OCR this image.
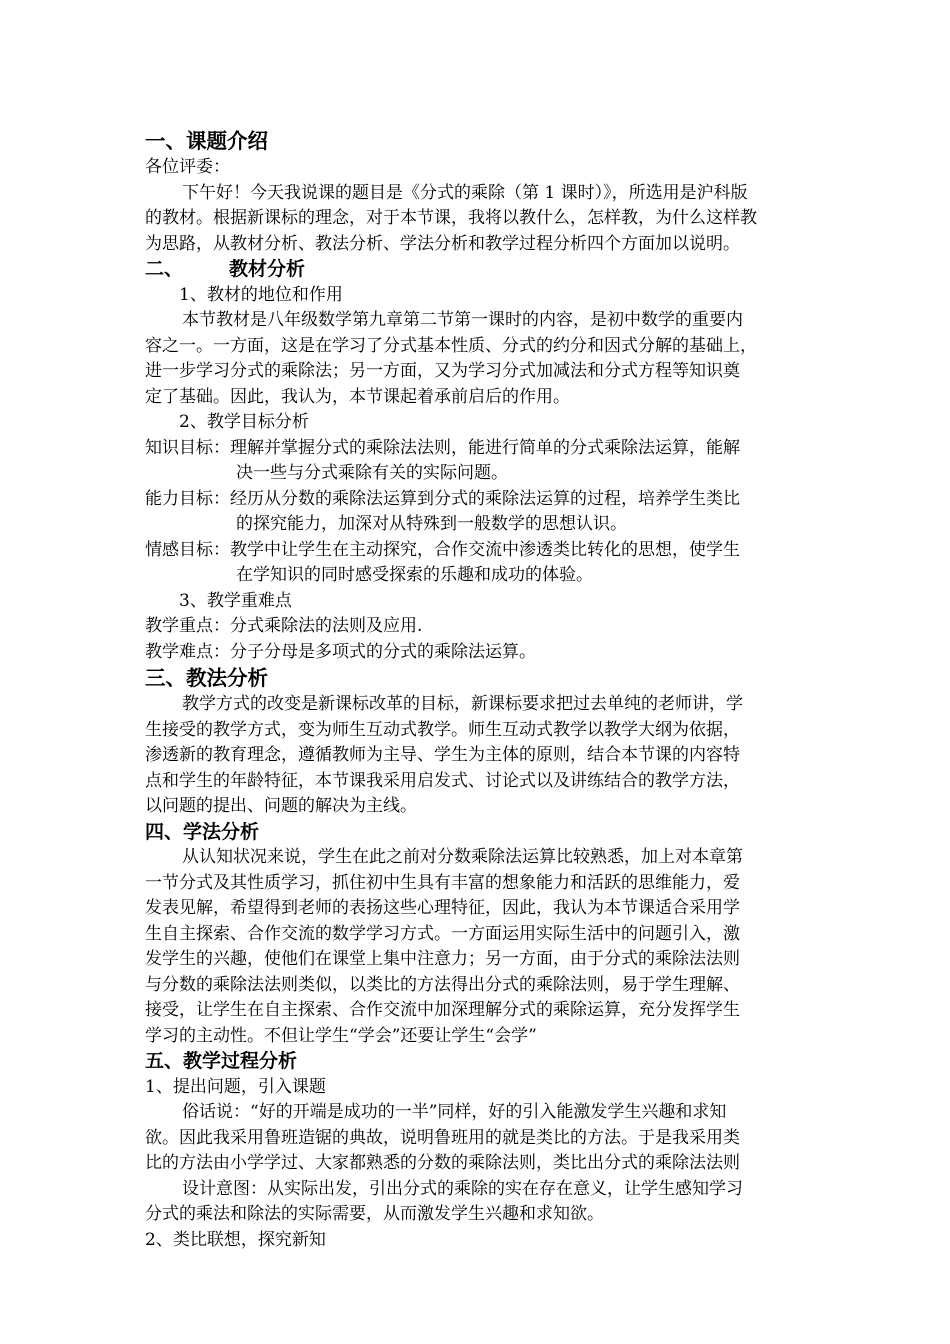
一、课题介绍
各位评委：
下午好！今天我说课的题目是《分式的乘除（第 1 课时）》，所选用是沪科版
的教材。根据新课标的理念，对于本节课，我将以教什么，怎样教，为什么这样教
为思路，从教材分析、教法分析、学法分析和教学过程分析四个方面加以说明。
二、 教材分析
1、教材的地位和作用
本节教材是八年级数学第九章第二节第一课时的内容，是初中数学的重要内
容之一。一方面，这是在学习了分式基本性质、分式的约分和因式分解的基础上，
进一步学习分式的乘除法；另一方面，又为学习分式加减法和分式方程等知识奠
定了基础。因此，我认为，本节课起着承前启后的作用。
2、教学目标分析
知识目标： 理解并掌握分式的乘除法法则，能进行简单的分式乘除法运算，能解
决一些与分式乘除有关的实际问题。
能力目标： 经历从分数的乘除法运算到分式的乘除法运算的过程，培养学生类比
的探究能力，加深对从特殊到一般数学的思想认识。
情感目标： 教学中让学生在主动探究，合作交流中渗透类比转化的思想，使学生
在学知识的同时感受探索的乐趣和成功的体验。
3、教学重难点
教学重点：分式乘除法的法则及应用.
教学难点：分子分母是多项式的分式的乘除法运算。
三、教法分析
教学方式的改变是新课标改革的目标，新课标要求把过去单纯的老师讲，学
生接受的教学方式，变为师生互动式教学。师生互动式教学以教学大纲为依据，
渗透新的教育理念，遵循教师为主导、学生为主体的原则，结合本节课的内容特
点和学生的年龄特征，本节课我采用启发式、讨论式以及讲练结合的教学方法，
以问题的提出、问题的解决为主线。
四、学法分析
从认知状况来说，学生在此之前对分数乘除法运算比较熟悉，加上对本章第
一节分式及其性质学习，抓住初中生具有丰富的想象能力和活跃的思维能力，爱
发表见解，希望得到老师的表扬这些心理特征，因此，我认为本节课适合采用学
生自主探索、合作交流的数学学习方式。一方面运用实际生活中的问题引入，激
发学生的兴趣，使他们在课堂上集中注意力；另一方面，由于分式的乘除法法则
与分数的乘除法法则类似，以类比的方法得出分式的乘除法则，易于学生理解、
接受，让学生在自主探索、合作交流中加深理解分式的乘除运算，充分发挥学生
学习的主动性。不但让学生“学会”还要让学生“会学”
五、教学过程分析
1、提出问题，引入课题
俗话说：“好的开端是成功的一半”同样，好的引入能激发学生兴趣和求知
欲。因此我采用鲁班造锯的典故，说明鲁班用的就是类比的方法。于是我采用类
比的方法由小学学过、大家都熟悉的分数的乘除法则，类比出分式的乘除法法则
设计意图：从实际出发，引出分式的乘除的实在存在意义，让学生感知学习
分式的乘法和除法的实际需要，从而激发学生兴趣和求知欲。
2、类比联想，探究新知
